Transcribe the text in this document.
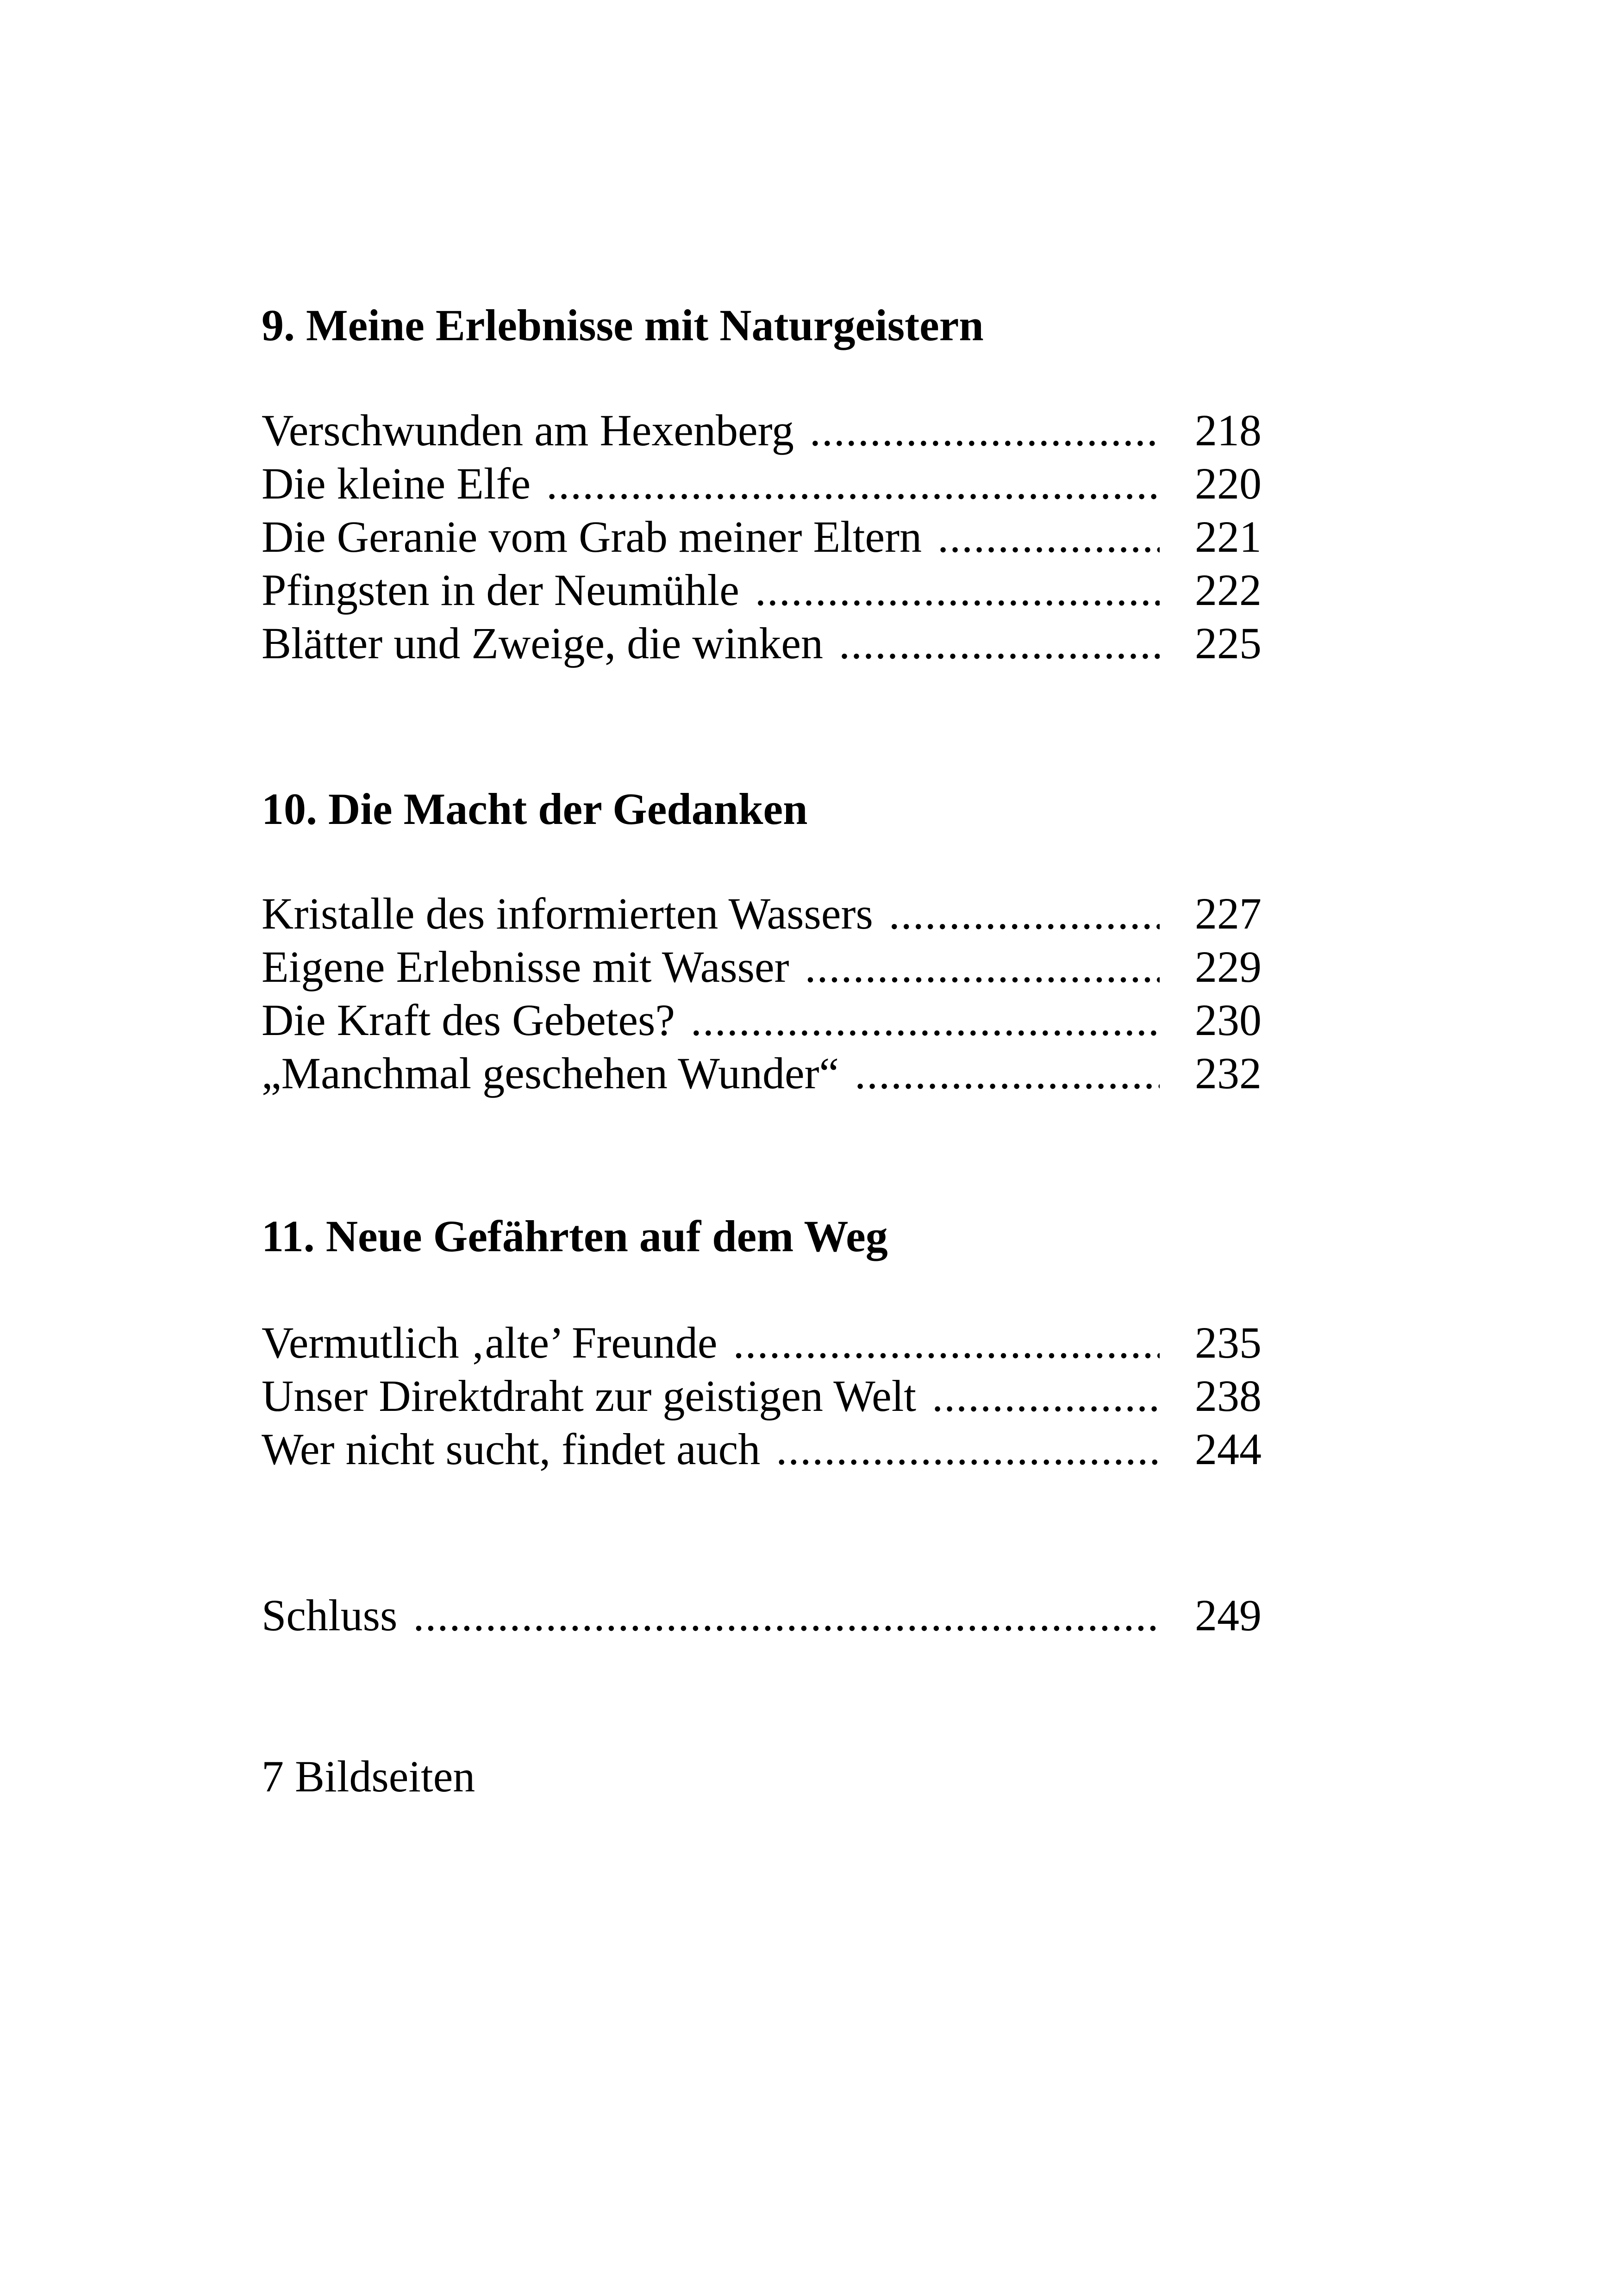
9. Meine Erlebnisse mit Naturgeistern
Verschwunden am Hexenberg .....	218
Die kleine Elfe .....	220
Die Geranie vom Grab meiner Eltern .....	221
Pfingsten in der Neumühle .....	222
Blätter und Zweige, die winken .....	225
10. Die Macht der Gedanken
Kristalle des informierten Wassers .....	227
Eigene Erlebnisse mit Wasser .....	229
Die Kraft des Gebetes? .....	230
„Manchmal geschehen Wunder“ .....	232
11. Neue Gefährten auf dem Weg
Vermutlich ‚alte’ Freunde .....	235
Unser Direktdraht zur geistigen Welt .....	238
Wer nicht sucht, findet auch .....	244
Schluss .....	249

7 Bildseiten
